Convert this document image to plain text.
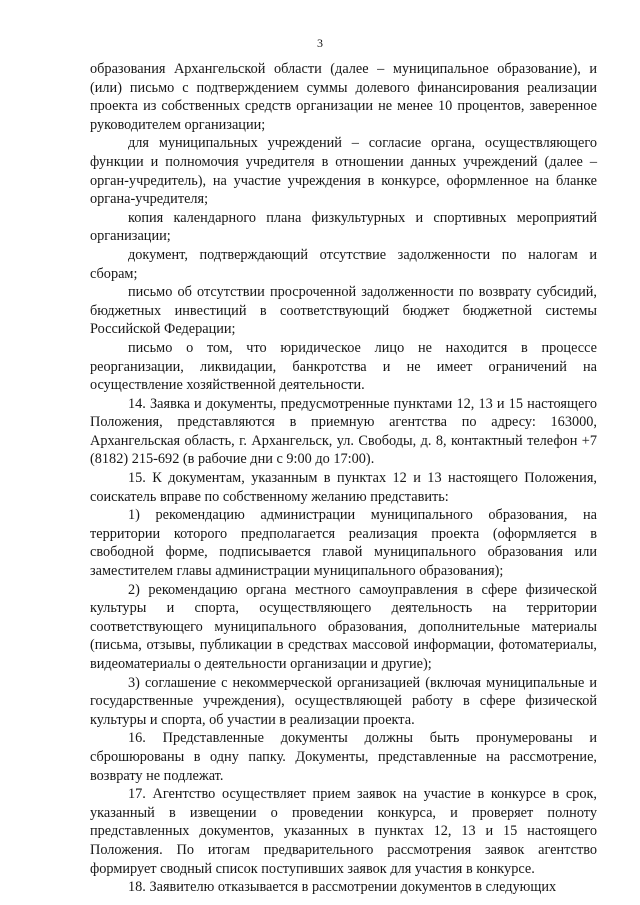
3

образования Архангельской области (далее – муниципальное образование), и (или) письмо с подтверждением суммы долевого финансирования реализации проекта из собственных средств организации не менее 10 процентов, заверенное руководителем организации;

для муниципальных учреждений – согласие органа, осуществляющего функции и полномочия учредителя в отношении данных учреждений (далее – орган-учредитель), на участие учреждения в конкурсе, оформленное на бланке органа-учредителя;

копия календарного плана физкультурных и спортивных мероприятий организации;

документ, подтверждающий отсутствие задолженности по налогам и сборам;

письмо об отсутствии просроченной задолженности по возврату субсидий, бюджетных инвестиций в соответствующий бюджет бюджетной системы Российской Федерации;

письмо о том, что юридическое лицо не находится в процессе реорганизации, ликвидации, банкротства и не имеет ограничений на осуществление хозяйственной деятельности.

14. Заявка и документы, предусмотренные пунктами 12, 13 и 15 настоящего Положения, представляются в приемную агентства по адресу: 163000, Архангельская область, г. Архангельск, ул. Свободы, д. 8, контактный телефон +7 (8182) 215-692 (в рабочие дни с 9:00 до 17:00).

15. К документам, указанным в пунктах 12 и 13 настоящего Положения, соискатель вправе по собственному желанию представить:

1) рекомендацию администрации муниципального образования, на территории которого предполагается реализация проекта (оформляется в свободной форме, подписывается главой муниципального образования или заместителем главы администрации муниципального образования);

2) рекомендацию органа местного самоуправления в сфере физической культуры и спорта, осуществляющего деятельность на территории соответствующего муниципального образования, дополнительные материалы (письма, отзывы, публикации в средствах массовой информации, фотоматериалы, видеоматериалы о деятельности организации и другие);

3) соглашение с некоммерческой организацией (включая муниципальные и государственные учреждения), осуществляющей работу в сфере физической культуры и спорта, об участии в реализации проекта.

16. Представленные документы должны быть пронумерованы и сброшюрованы в одну папку. Документы, представленные на рассмотрение, возврату не подлежат.

17. Агентство осуществляет прием заявок на участие в конкурсе в срок, указанный в извещении о проведении конкурса, и проверяет полноту представленных документов, указанных в пунктах 12, 13 и 15 настоящего Положения. По итогам предварительного рассмотрения заявок агентство формирует сводный список поступивших заявок для участия в конкурсе.

18. Заявителю отказывается в рассмотрении документов в следующих
